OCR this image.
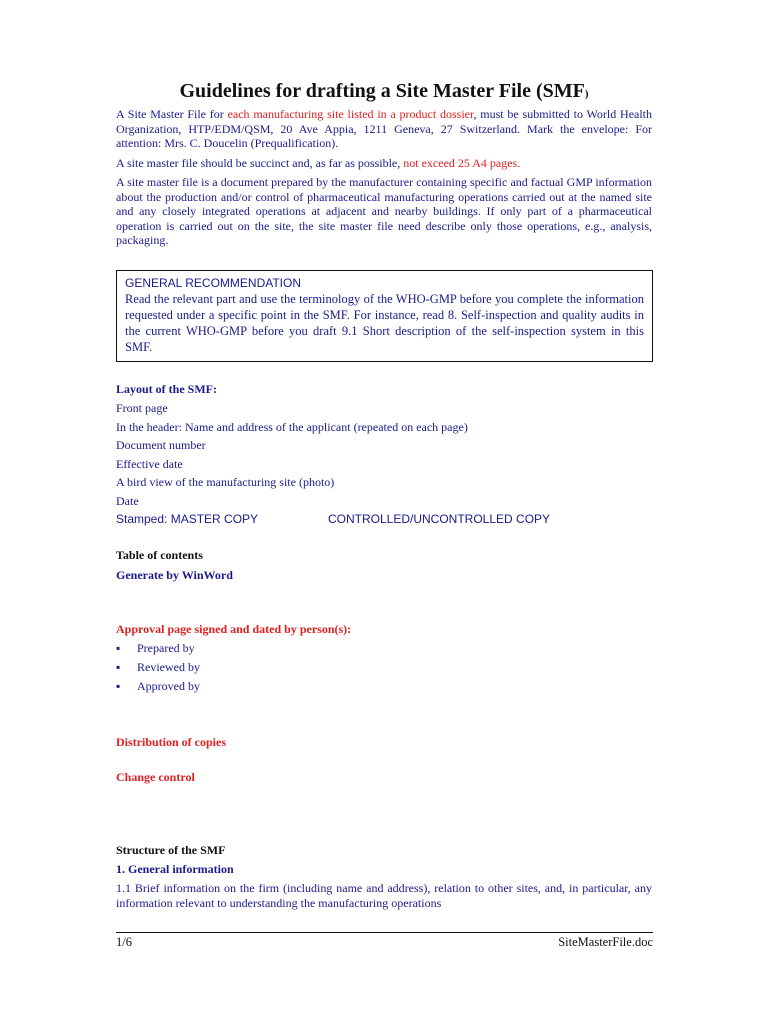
Guidelines for drafting a Site Master File (SMF)
A Site Master File for each manufacturing site listed in a product dossier, must be submitted to World Health Organization, HTP/EDM/QSM, 20 Ave Appia, 1211 Geneva, 27 Switzerland. Mark the envelope: For attention: Mrs. C. Doucelin (Prequalification).
A site master file should be succinct and, as far as possible, not exceed 25 A4 pages.
A site master file is a document prepared by the manufacturer containing specific and factual GMP information about the production and/or control of pharmaceutical manufacturing operations carried out at the named site and any closely integrated operations at adjacent and nearby buildings. If only part of a pharmaceutical operation is carried out on the site, the site master file need describe only those operations, e.g., analysis, packaging.
GENERAL RECOMMENDATION
Read the relevant part and use the terminology of the WHO-GMP before you complete the information requested under a specific point in the SMF. For instance, read 8. Self-inspection and quality audits in the current WHO-GMP before you draft 9.1 Short description of the self-inspection system in this SMF.
Layout of the SMF:
Front page
In the header: Name and address of the applicant (repeated on each page)
Document number
Effective date
A bird view of the manufacturing site (photo)
Date
Stamped: MASTER COPY	CONTROLLED/UNCONTROLLED COPY
Table of contents
Generate by WinWord
Approval page signed and dated by person(s):
▪ Prepared by
▪ Reviewed by
▪ Approved by
Distribution of copies
Change control
Structure of the SMF
1. General information
1.1 Brief information on the firm (including name and address), relation to other sites, and, in particular, any information relevant to understanding the manufacturing operations
1/6	SiteMasterFile.doc
